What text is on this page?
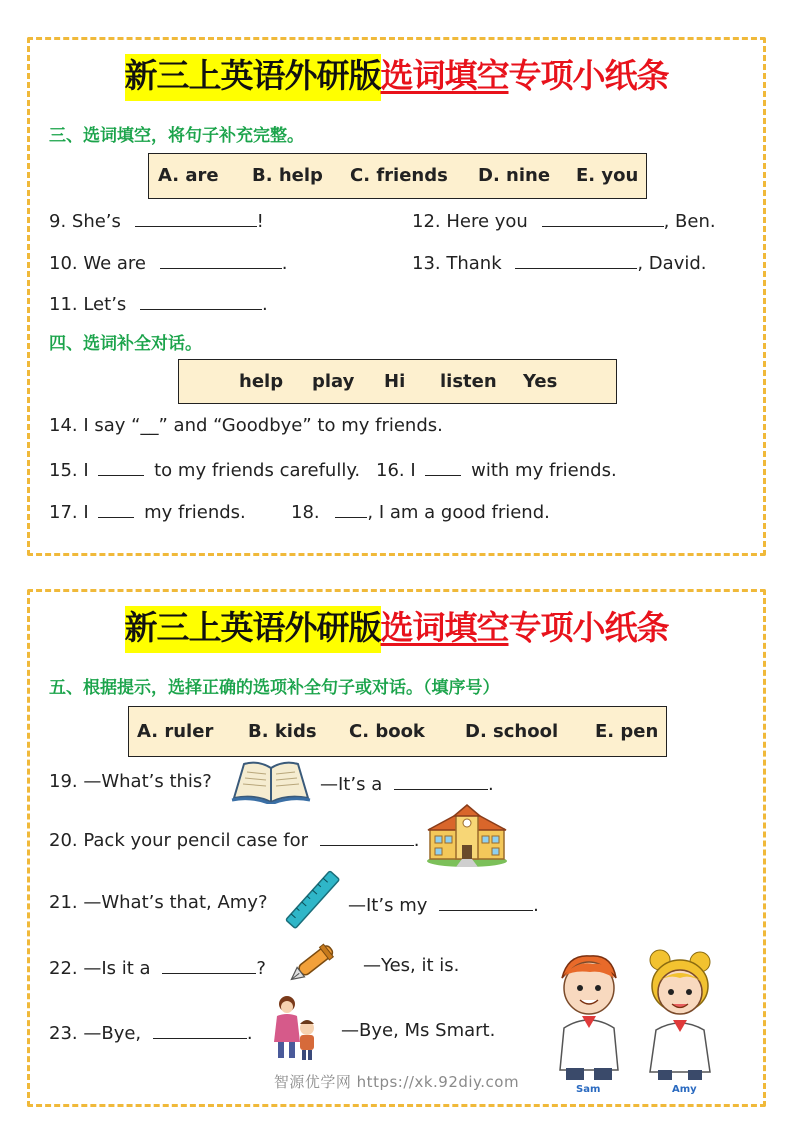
新三上英语外研版选词填空专项小纸条
三、选词填空，将句子补充完整。
A. are B. help C. friends D. nine E. you
9. She’s	!	12. Here you	, Ben.
10. We are	.	13. Thank	, David.
11. Let’s	.
四、选词补全对话。
help play Hi listen Yes
14. I say “__” and “Goodbye” to my friends.
15. I	to my friends carefully. 16. I	with my friends.
17. I	my friends.	18.	, I am a good friend.
新三上英语外研版选词填空专项小纸条
五、根据提示，选择正确的选项补全句子或对话。（填序号）
A. ruler B. kids C. book D. school E. pen
19. —What’s this?	—It’s a	.
20. Pack your pencil case for	.
21. —What’s that, Amy?	—It’s my	.
22. —Is it a	?	—Yes, it is.
23. —Bye,	.	—Bye, Ms Smart.
Sam	Amy
智源优学网 https://xk.92diy.com
